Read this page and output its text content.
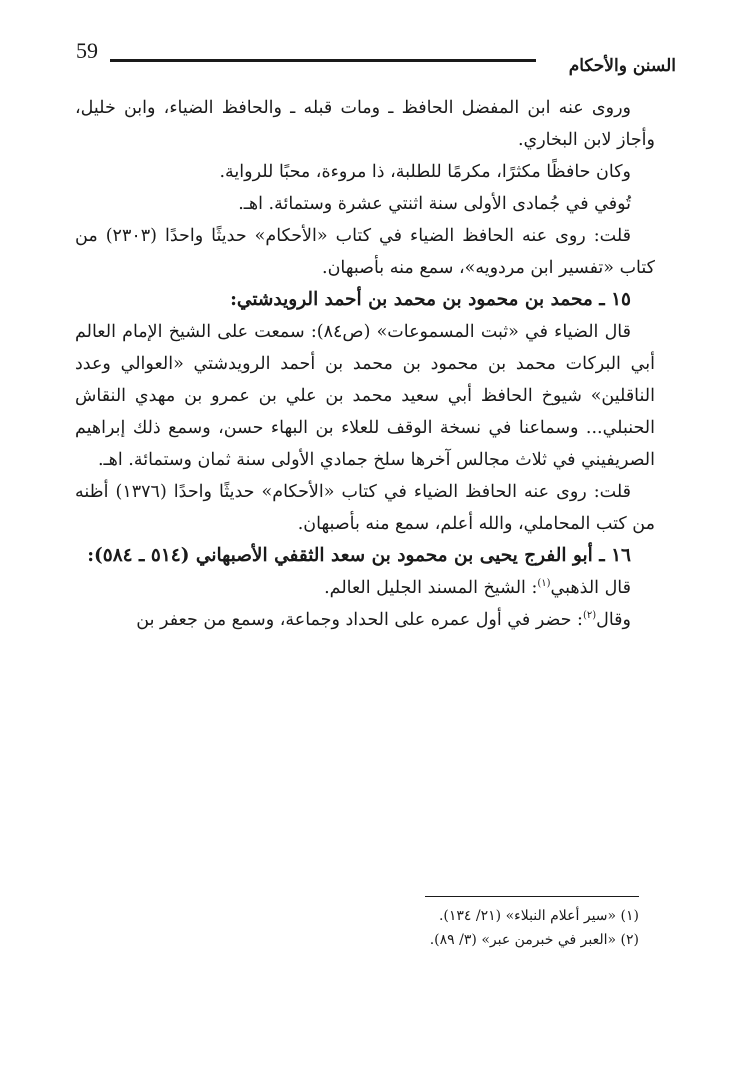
59
السنن والأحكام

وروى عنه ابن المفضل الحافظ ـ ومات قبله ـ والحافظ الضياء، وابن خليل، وأجاز لابن البخاري.

وكان حافظًا مكثرًا، مكرمًا للطلبة، ذا مروءة، محبًا للرواية.

تُوفي في جُمادى الأولى سنة اثنتي عشرة وستمائة. اهـ.

قلت: روى عنه الحافظ الضياء في كتاب «الأحكام» حديثًا واحدًا (٢٣٠٣) من كتاب «تفسير ابن مردويه»، سمع منه بأصبهان.

١٥ ـ محمد بن محمود بن محمد بن أحمد الرويدشتي:

قال الضياء في «ثبت المسموعات» (ص٨٤): سمعت على الشيخ الإمام العالم أبي البركات محمد بن محمود بن محمد بن أحمد الرويدشتي «العوالي وعدد الناقلين» شيوخ الحافظ أبي سعيد محمد بن علي بن عمرو بن مهدي النقاش الحنبلي... وسماعنا في نسخة الوقف للعلاء بن البهاء حسن، وسمع ذلك إبراهيم الصريفيني في ثلاث مجالس آخرها سلخ جمادي الأولى سنة ثمان وستمائة. اهـ.

قلت: روى عنه الحافظ الضياء في كتاب «الأحكام» حديثًا واحدًا (١٣٧٦) أظنه من كتب المحاملي، والله أعلم، سمع منه بأصبهان.

١٦ ـ أبو الفرج يحيى بن محمود بن سعد الثقفي الأصبهاني (٥١٤ ـ ٥٨٤):

قال الذهبي$^{(١)}$: الشيخ المسند الجليل العالم.

وقال$^{(٢)}$: حضر في أول عمره على الحداد وجماعة، وسمع من جعفر بن

(١) «سير أعلام النبلاء» (٢١/ ١٣٤).

(٢) «العبر في خبرمن عبر» (٣/ ٨٩).
